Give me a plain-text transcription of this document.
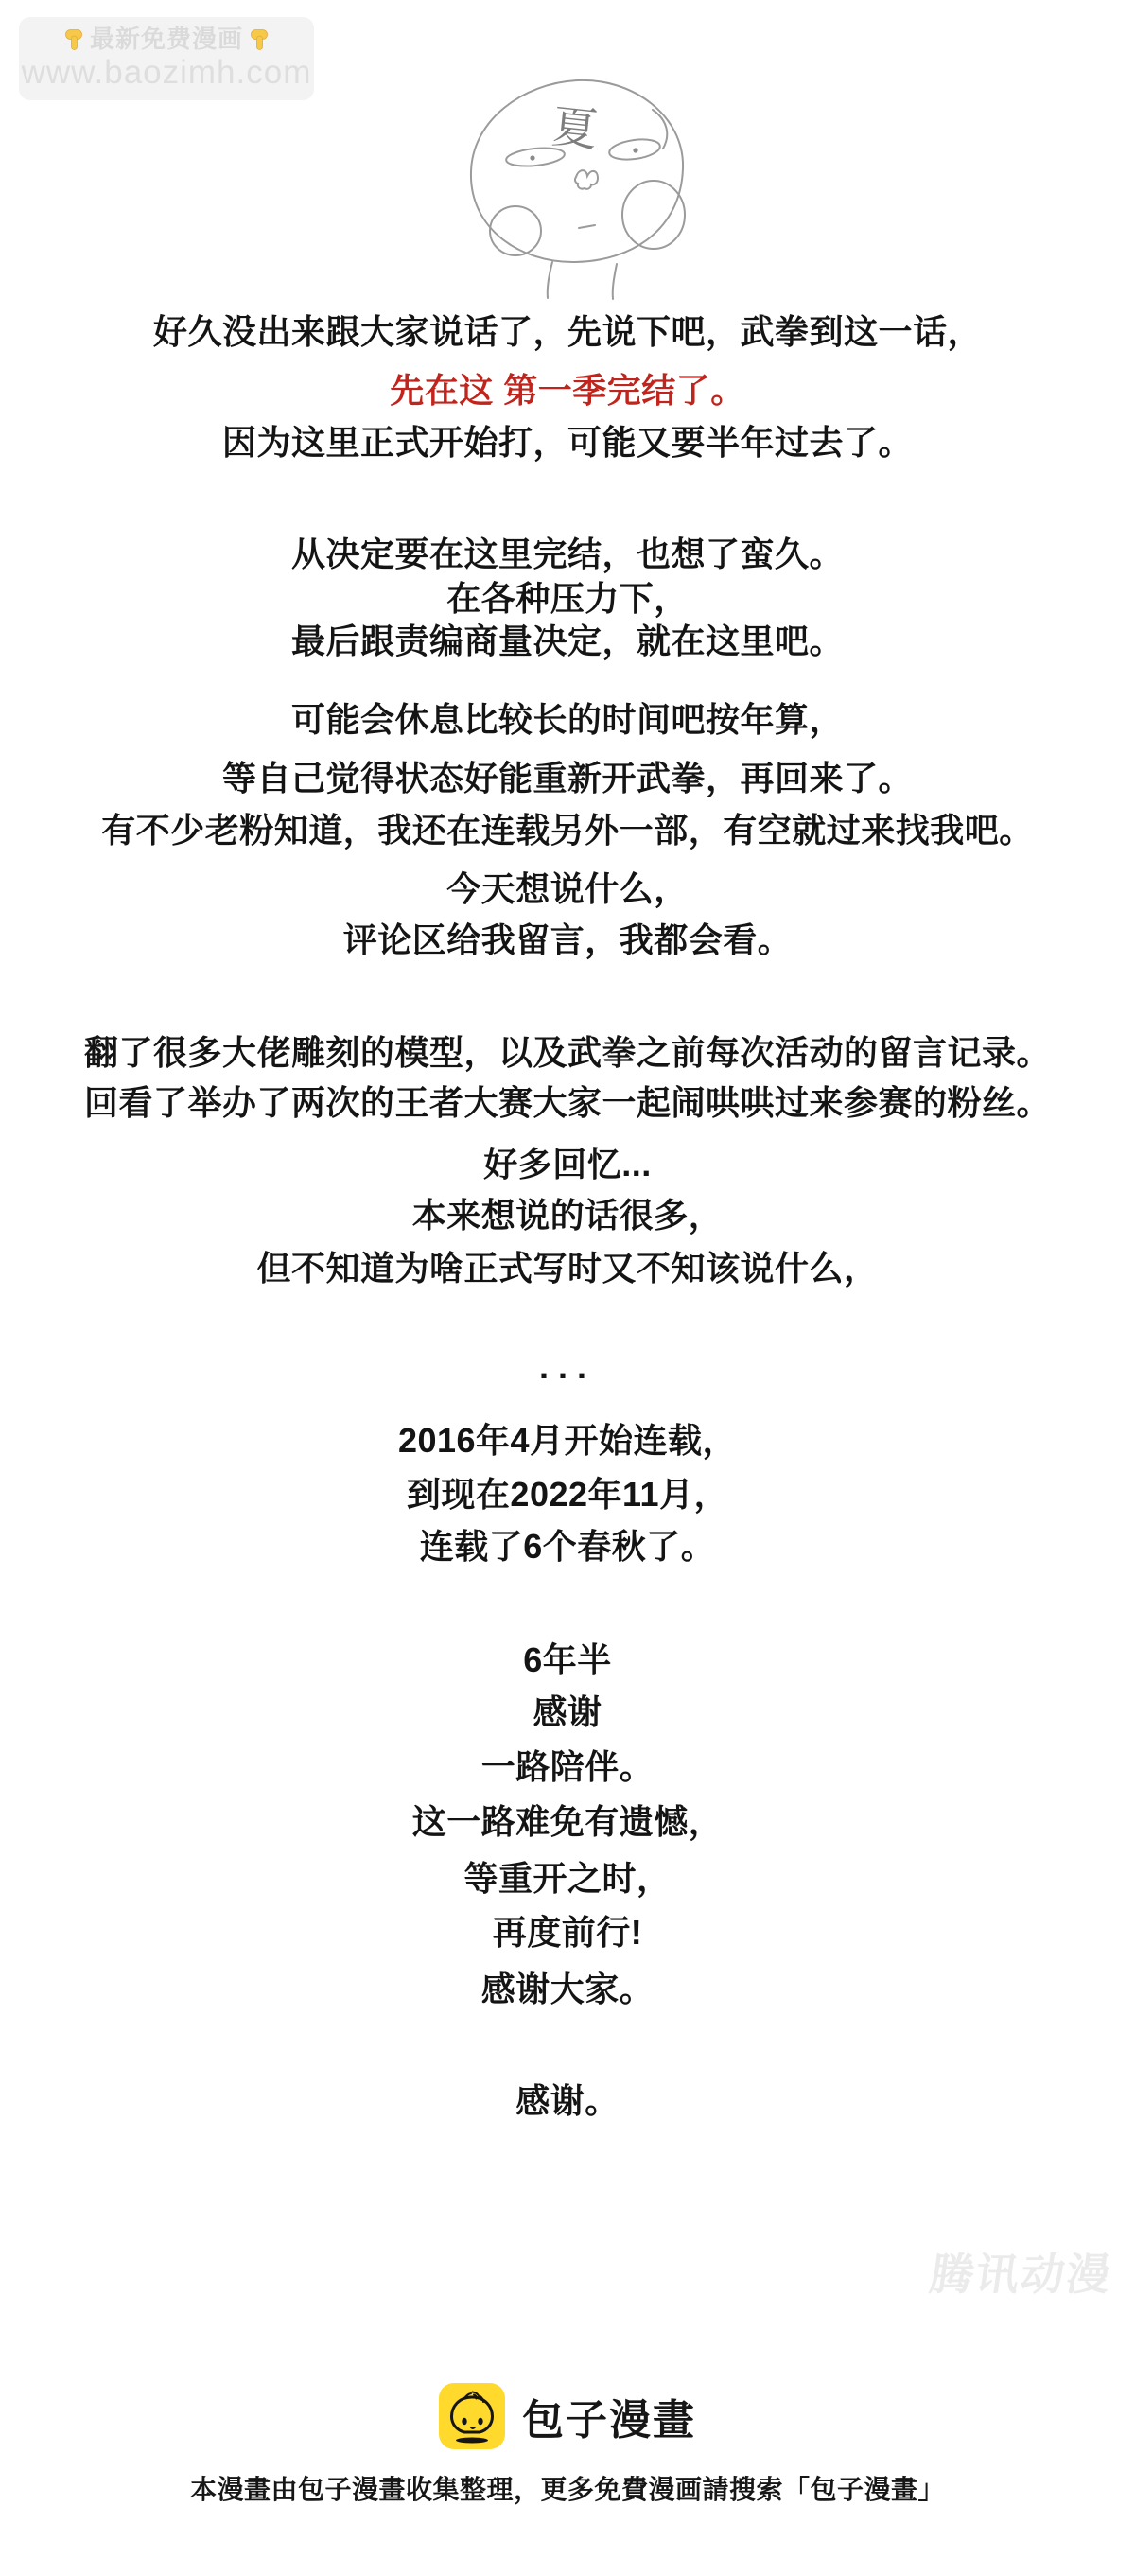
最新免费漫画
www.baozimh.com
夏
好久没出来跟大家说话了，先说下吧，武拳到这一话，
先在这 第一季完结了。
因为这里正式开始打，可能又要半年过去了。
从决定要在这里完结，也想了蛮久。
在各种压力下，
最后跟责编商量决定，就在这里吧。
可能会休息比较长的时间吧按年算，
等自己觉得状态好能重新开武拳，再回来了。
有不少老粉知道，我还在连载另外一部，有空就过来找我吧。
今天想说什么，
评论区给我留言，我都会看。
翻了很多大佬雕刻的模型，以及武拳之前每次活动的留言记录。
回看了举办了两次的王者大赛大家一起闹哄哄过来参赛的粉丝。
好多回忆...
本来想说的话很多，
但不知道为啥正式写时又不知该说什么，
...
2016年4月开始连载，
到现在2022年11月，
连载了6个春秋了。
6年半
感谢
一路陪伴。
这一路难免有遗憾，
等重开之时，
再度前行!
感谢大家。
感谢。
腾讯动漫
包子漫畫
本漫畫由包子漫畫收集整理，更多免費漫画請搜索「包子漫畫」
